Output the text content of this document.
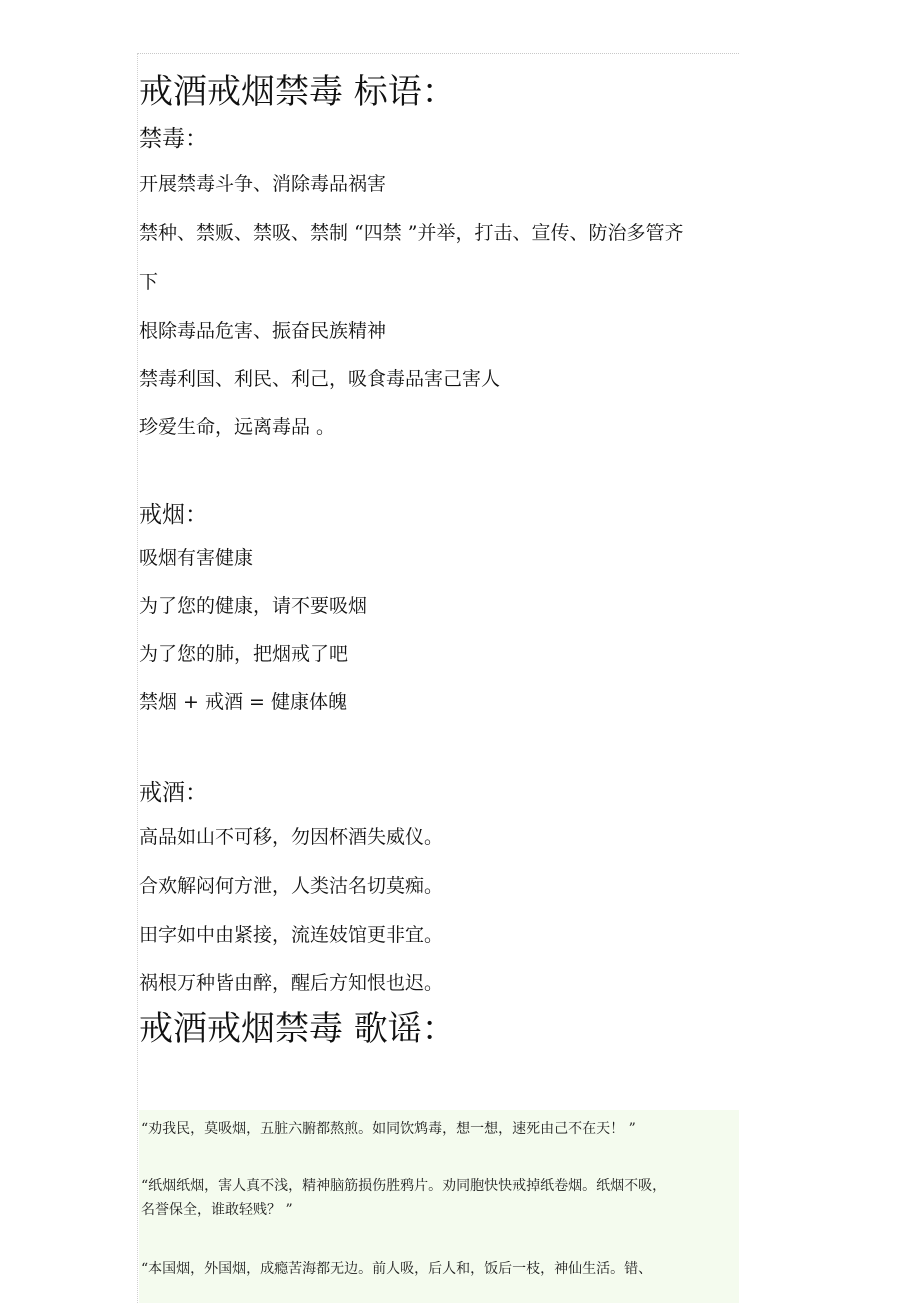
戒酒戒烟禁毒 标语：
禁毒：
开展禁毒斗争、消除毒品祸害
禁种、禁贩、禁吸、禁制 “四禁 ”并举，打击、宣传、防治多管齐
下
根除毒品危害、振奋民族精神
禁毒利国、利民、利己，吸食毒品害己害人
珍爱生命，远离毒品 。
戒烟：
吸烟有害健康
为了您的健康，请不要吸烟
为了您的肺，把烟戒了吧
禁烟 + 戒酒 = 健康体魄
戒酒：
高品如山不可移，勿因杯酒失威仪。
合欢解闷何方泄，人类沽名切莫痴。
田字如中由紧接，流连妓馆更非宜。
祸根万种皆由醉，醒后方知恨也迟。
戒酒戒烟禁毒 歌谣：
“劝我民，莫吸烟，五脏六腑都熬煎。如同饮鸩毒，想一想，速死由己不在天！ ”
“纸烟纸烟，害人真不浅，精神脑筋损伤胜鸦片。劝同胞快快戒掉纸卷烟。纸烟不吸，
名誉保全，谁敢轻贱？ ”
“本国烟，外国烟，成瘾苦海都无边。前人吸，后人和，饭后一枝，神仙生活。错、
